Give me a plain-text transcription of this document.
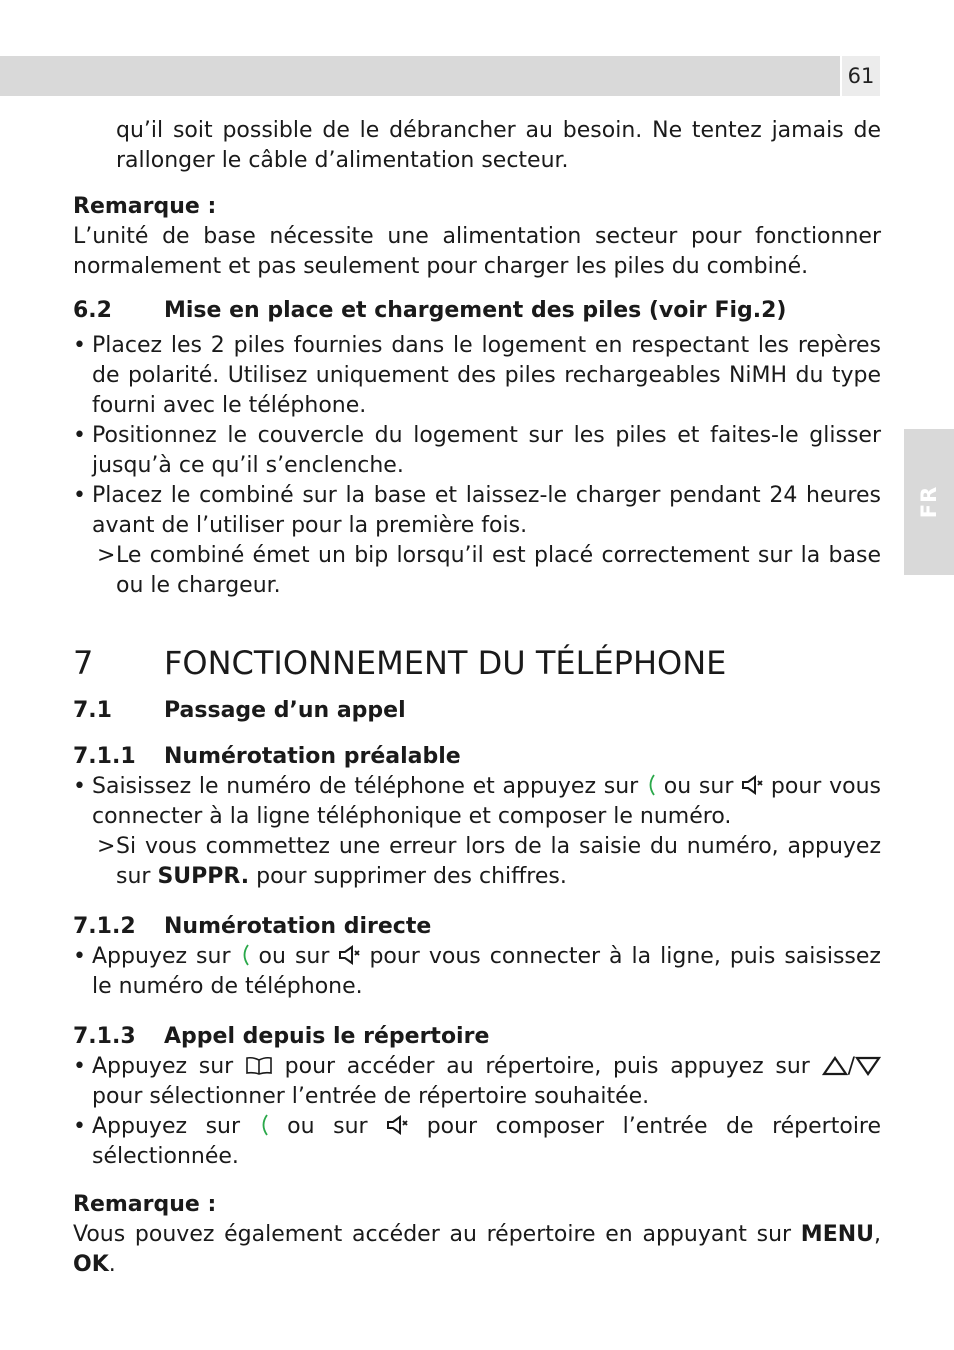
61
FR

qu’il soit possible de le débrancher au besoin. Ne tentez jamais de rallonger le câble d’alimentation secteur.

Remarque :

L’unité de base nécessite une alimentation secteur pour fonctionner normalement et pas seulement pour charger les piles du combiné.

6.2	Mise en place et chargement des piles (voir Fig.2)
• Placez les 2 piles fournies dans le logement en respectant les repères de polarité. Utilisez uniquement des piles rechargeables NiMH du type fourni avec le téléphone.
• Positionnez le couvercle du logement sur les piles et faites-le glisser jusqu’à ce qu’il s’enclenche.
• Placez le combiné sur la base et laissez-le charger pendant 24 heures avant de l’utiliser pour la première fois.
> Le combiné émet un bip lorsqu’il est placé correctement sur la base ou le chargeur.
7	FONCTIONNEMENT DU TÉLÉPHONE
7.1	Passage d’un appel
7.1.1	Numérotation préalable
• Saisissez le numéro de téléphone et appuyez sur ou sur pour vous connecter à la ligne téléphonique et composer le numéro.
> Si vous commettez une erreur lors de la saisie du numéro, appuyez sur SUPPR. pour supprimer des chiffres.
7.1.2	Numérotation directe
• Appuyez sur ou sur pour vous connecter à la ligne, puis saisissez le numéro de téléphone.
7.1.3	Appel depuis le répertoire
• Appuyez sur pour accéder au répertoire, puis appuyez sur / pour sélectionner l’entrée de répertoire souhaitée.
• Appuyez sur ou sur	pour composer l’entrée de répertoire sélectionnée.

Remarque :

Vous pouvez également accéder au répertoire en appuyant sur MENU, OK.
